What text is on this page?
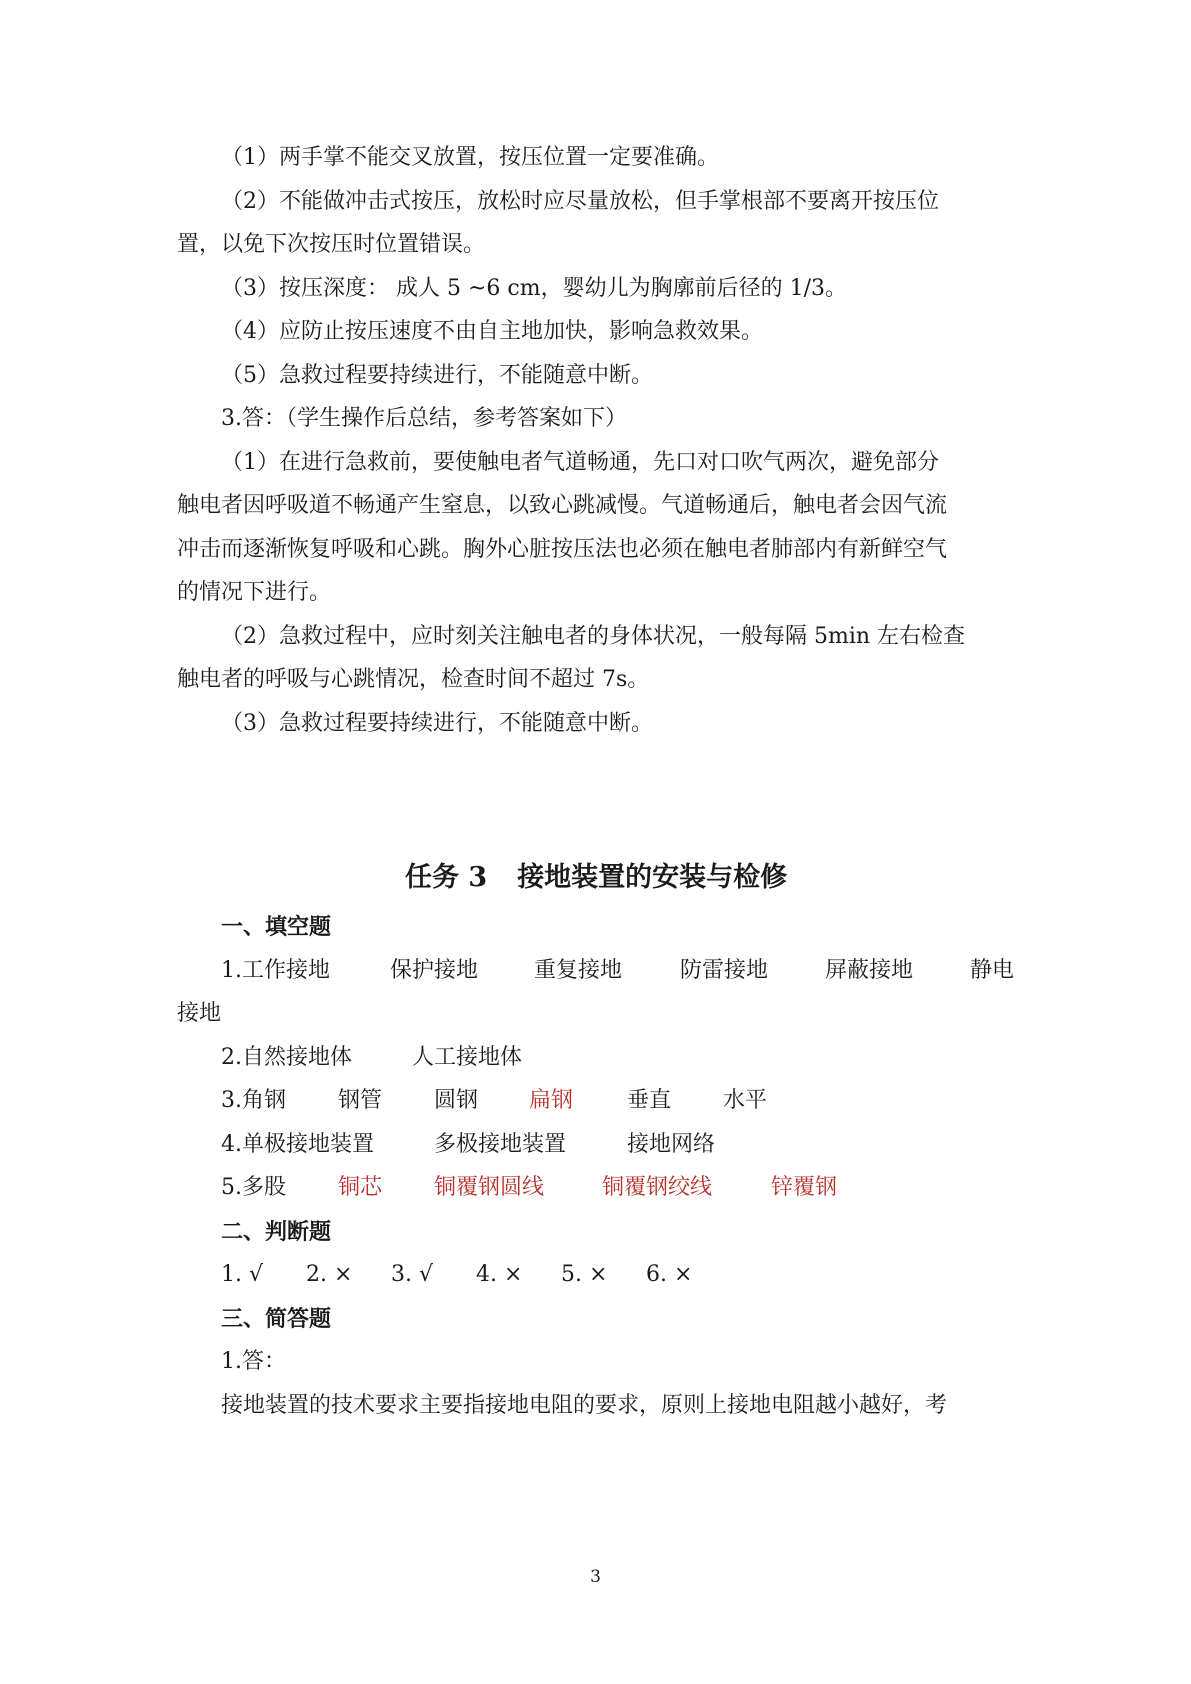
（1）两手掌不能交叉放置，按压位置一定要准确。
（2）不能做冲击式按压，放松时应尽量放松，但手掌根部不要离开按压位
置，以免下次按压时位置错误。
（3）按压深度： 成人 5 ~6 cm，婴幼儿为胸廓前后径的 1/3。
（4）应防止按压速度不由自主地加快，影响急救效果。
（5）急救过程要持续进行，不能随意中断。
3.答：（学生操作后总结，参考答案如下）
（1）在进行急救前，要使触电者气道畅通，先口对口吹气两次，避免部分
触电者因呼吸道不畅通产生窒息，以致心跳减慢。气道畅通后，触电者会因气流
冲击而逐渐恢复呼吸和心跳。胸外心脏按压法也必须在触电者肺部内有新鲜空气
的情况下进行。
（2）急救过程中，应时刻关注触电者的身体状况，一般每隔 5min 左右检查
触电者的呼吸与心跳情况，检查时间不超过 7s。
（3）急救过程要持续进行，不能随意中断。
任务 3 接地装置的安装与检修
一、填空题
1.工作接地	保护接地	重复接地	防雷接地	屏蔽接地	静电
接地
2.自然接地体	人工接地体
3.角钢 钢管 圆钢 扁钢 垂直 水平
4.单极接地装置	多极接地装置	接地网络
5.多股 铜芯 铜覆钢圆线	铜覆钢绞线	锌覆钢
二、判断题
1. √ 2. × 3. √ 4. × 5. × 6. ×
三、简答题
1.答：
接地装置的技术要求主要指接地电阻的要求，原则上接地电阻越小越好，考
3
